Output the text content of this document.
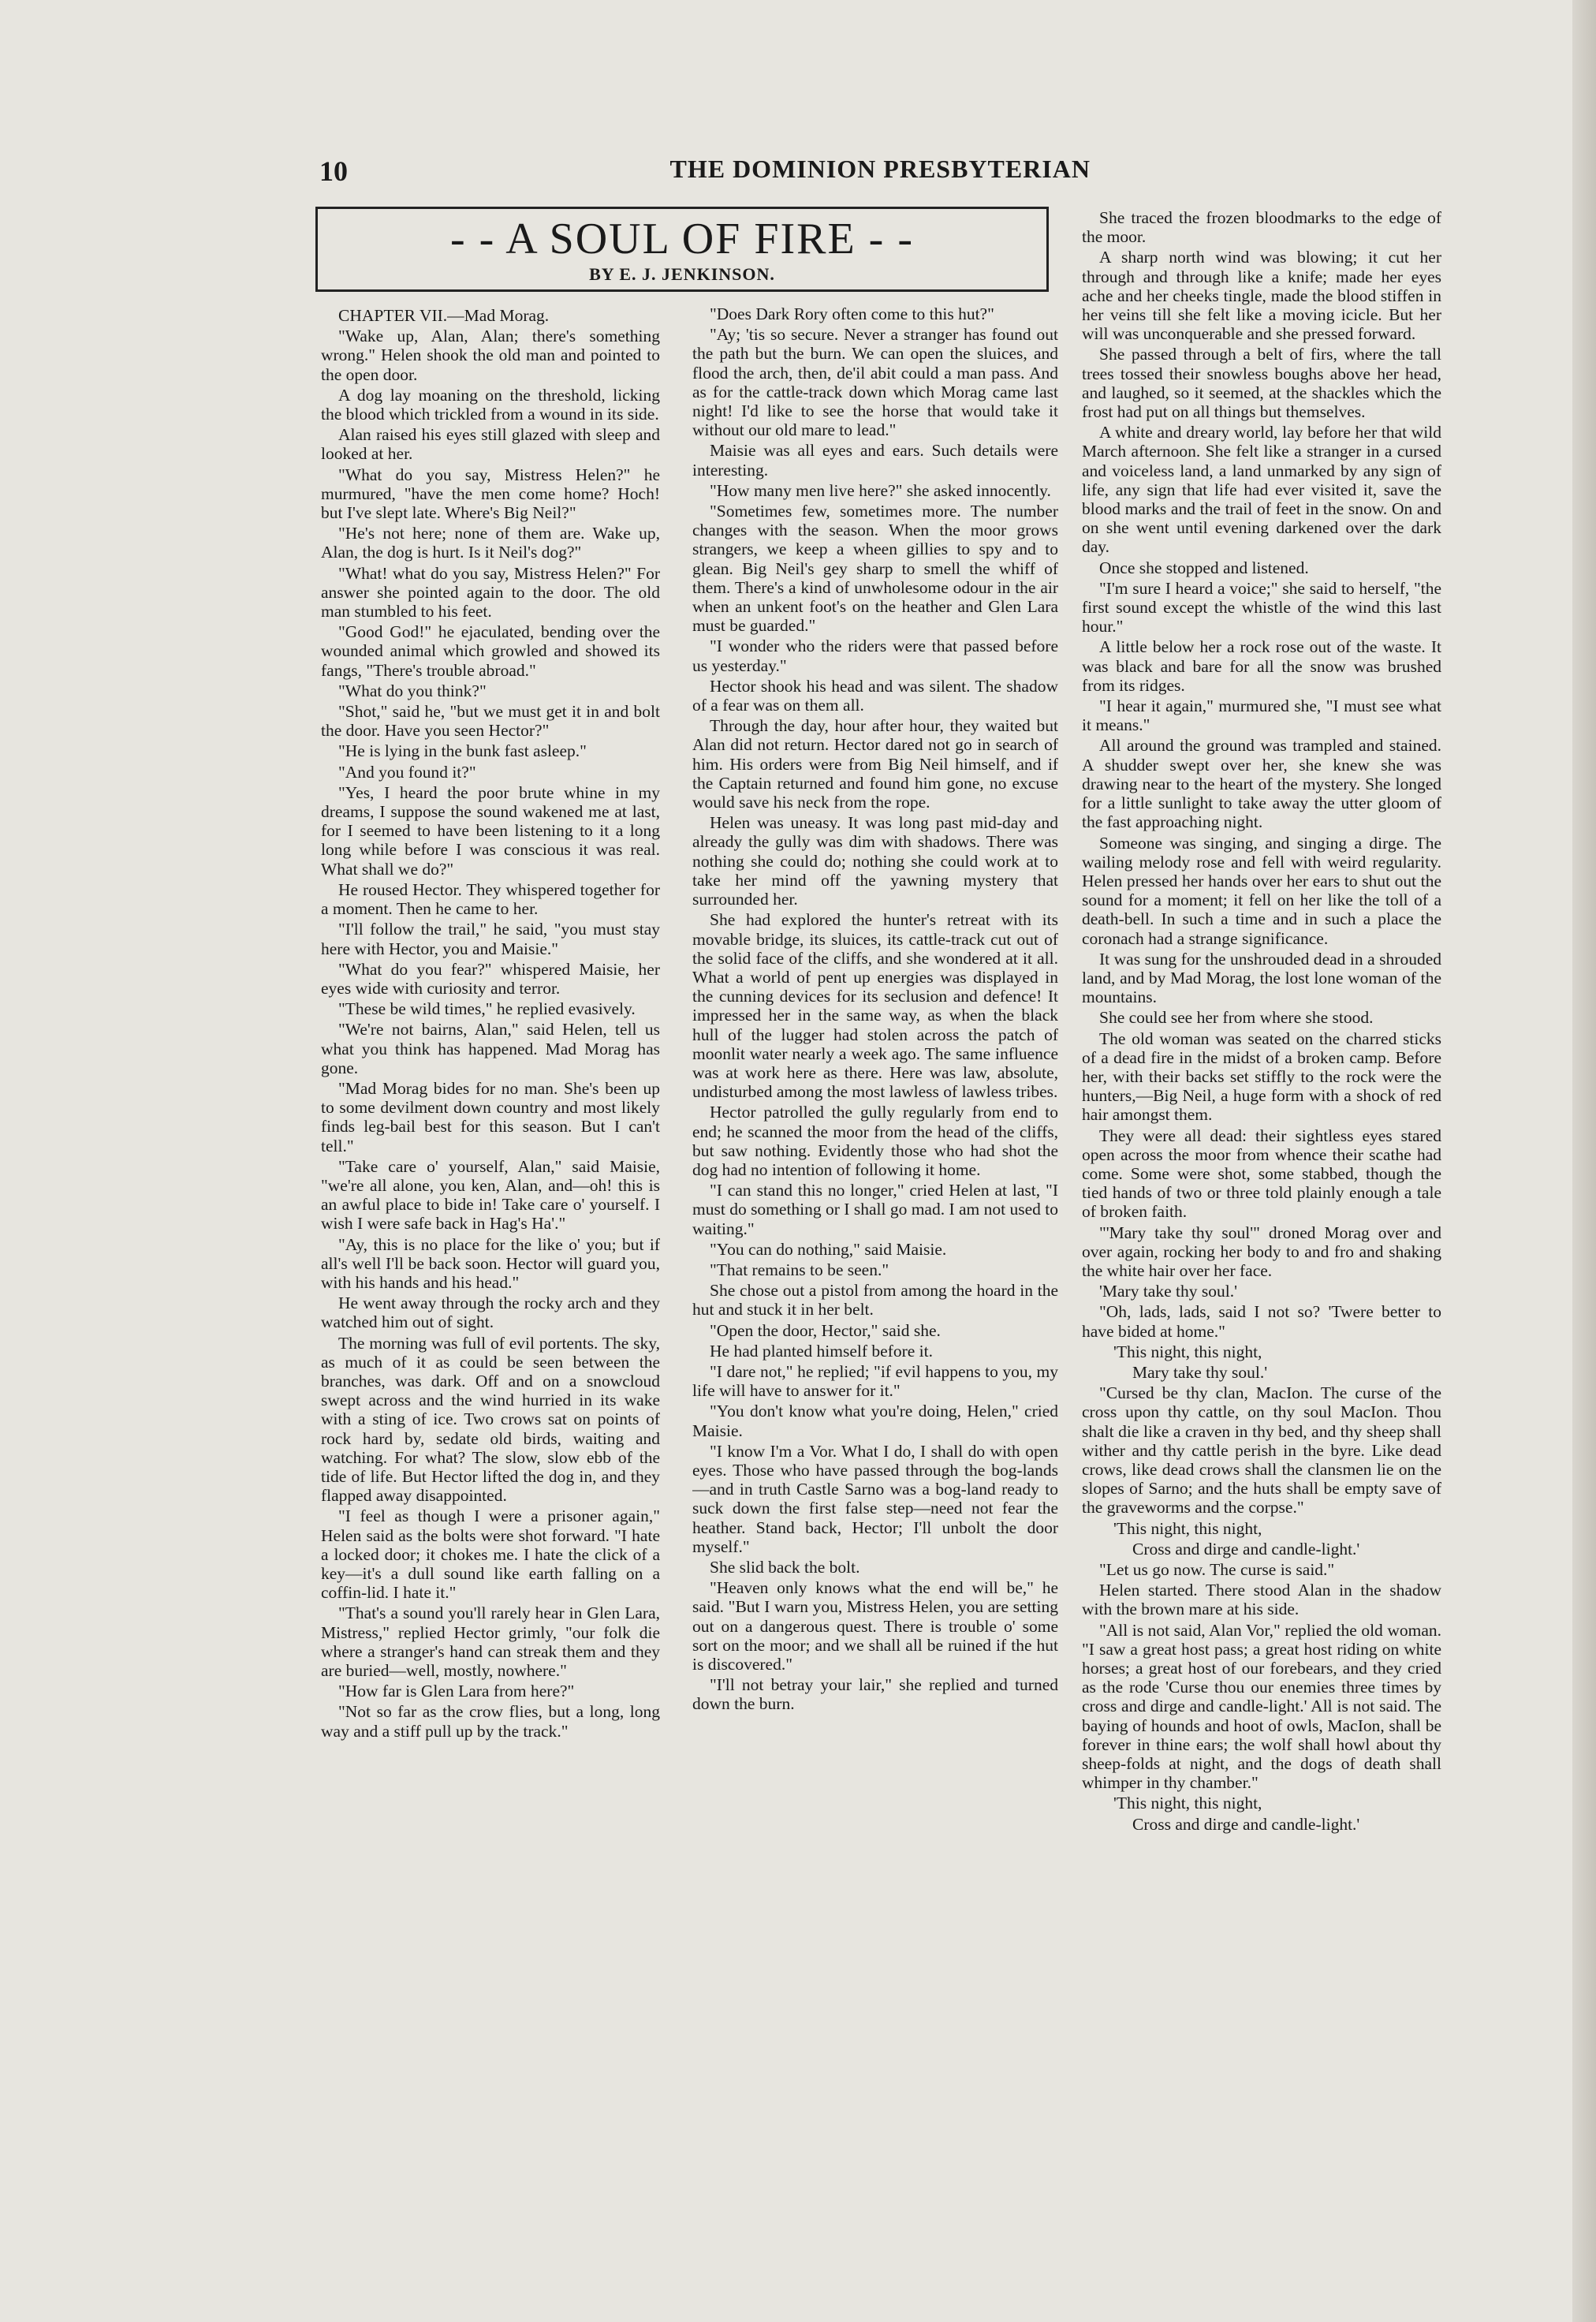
10	THE DOMINION PRESBYTERIAN
- - A SOUL OF FIRE - -
BY E. J. JENKINSON.

CHAPTER VII.—Mad Morag.

"Wake up, Alan, Alan; there's something wrong." Helen shook the old man and pointed to the open door.

A dog lay moaning on the threshold, licking the blood which trickled from a wound in its side.

Alan raised his eyes still glazed with sleep and looked at her.

"What do you say, Mistress Helen?" he murmured, "have the men come home? Hoch! but I've slept late. Where's Big Neil?"

"He's not here; none of them are. Wake up, Alan, the dog is hurt. Is it Neil's dog?"

"What! what do you say, Mistress Helen?" For answer she pointed again to the door. The old man stumbled to his feet.

"Good God!" he ejaculated, bending over the wounded animal which growled and showed its fangs, "There's trouble abroad."

"What do you think?"

"Shot," said he, "but we must get it in and bolt the door. Have you seen Hector?"

"He is lying in the bunk fast asleep."

"And you found it?"

"Yes, I heard the poor brute whine in my dreams, I suppose the sound wakened me at last, for I seemed to have been listening to it a long long while before I was conscious it was real. What shall we do?"

He roused Hector. They whispered together for a moment. Then he came to her.

"I'll follow the trail," he said, "you must stay here with Hector, you and Maisie."

"What do you fear?" whispered Maisie, her eyes wide with curiosity and terror.

"These be wild times," he replied evasively.

"We're not bairns, Alan," said Helen, tell us what you think has happened. Mad Morag has gone.

"Mad Morag bides for no man. She's been up to some devilment down country and most likely finds leg-bail best for this season. But I can't tell."

"Take care o' yourself, Alan," said Maisie, "we're all alone, you ken, Alan, and—oh! this is an awful place to bide in! Take care o' yourself. I wish I were safe back in Hag's Ha'."

"Ay, this is no place for the like o' you; but if all's well I'll be back soon. Hector will guard you, with his hands and his head."

He went away through the rocky arch and they watched him out of sight.

The morning was full of evil portents. The sky, as much of it as could be seen between the branches, was dark. Off and on a snowcloud swept across and the wind hurried in its wake with a sting of ice. Two crows sat on points of rock hard by, sedate old birds, waiting and watching. For what? The slow, slow ebb of the tide of life. But Hector lifted the dog in, and they flapped away disappointed.

"I feel as though I were a prisoner again," Helen said as the bolts were shot forward. "I hate a locked door; it chokes me. I hate the click of a key—it's a dull sound like earth falling on a coffin-lid. I hate it."

"That's a sound you'll rarely hear in Glen Lara, Mistress," replied Hector grimly, "our folk die where a stranger's hand can streak them and they are buried—well, mostly, nowhere."

"How far is Glen Lara from here?"

"Not so far as the crow flies, but a long, long way and a stiff pull up by the track."

"Does Dark Rory often come to this hut?"

"Ay; 'tis so secure. Never a stranger has found out the path but the burn. We can open the sluices, and flood the arch, then, de'il abit could a man pass. And as for the cattle-track down which Morag came last night! I'd like to see the horse that would take it without our old mare to lead."

Maisie was all eyes and ears. Such details were interesting.

"How many men live here?" she asked innocently.

"Sometimes few, sometimes more. The number changes with the season. When the moor grows strangers, we keep a wheen gillies to spy and to glean. Big Neil's gey sharp to smell the whiff of them. There's a kind of unwholesome odour in the air when an unkent foot's on the heather and Glen Lara must be guarded."

"I wonder who the riders were that passed before us yesterday."

Hector shook his head and was silent. The shadow of a fear was on them all.

Through the day, hour after hour, they waited but Alan did not return. Hector dared not go in search of him. His orders were from Big Neil himself, and if the Captain returned and found him gone, no excuse would save his neck from the rope.

Helen was uneasy. It was long past mid-day and already the gully was dim with shadows. There was nothing she could do; nothing she could work at to take her mind off the yawning mystery that surrounded her.

She had explored the hunter's retreat with its movable bridge, its sluices, its cattle-track cut out of the solid face of the cliffs, and she wondered at it all. What a world of pent up energies was displayed in the cunning devices for its seclusion and defence! It impressed her in the same way, as when the black hull of the lugger had stolen across the patch of moonlit water nearly a week ago. The same influence was at work here as there. Here was law, absolute, undisturbed among the most lawless of lawless tribes.

Hector patrolled the gully regularly from end to end; he scanned the moor from the head of the cliffs, but saw nothing. Evidently those who had shot the dog had no intention of following it home.

"I can stand this no longer," cried Helen at last, "I must do something or I shall go mad. I am not used to waiting."

"You can do nothing," said Maisie.

"That remains to be seen."

She chose out a pistol from among the hoard in the hut and stuck it in her belt.

"Open the door, Hector," said she.

He had planted himself before it.

"I dare not," he replied; "if evil happens to you, my life will have to answer for it."

"You don't know what you're doing, Helen," cried Maisie.

"I know I'm a Vor. What I do, I shall do with open eyes. Those who have passed through the bog-lands—and in truth Castle Sarno was a bog-land ready to suck down the first false step—need not fear the heather. Stand back, Hector; I'll unbolt the door myself."

She slid back the bolt.

"Heaven only knows what the end will be," he said. "But I warn you, Mistress Helen, you are setting out on a dangerous quest. There is trouble o' some sort on the moor; and we shall all be ruined if the hut is discovered."

"I'll not betray your lair," she replied and turned down the burn.

She traced the frozen bloodmarks to the edge of the moor.

A sharp north wind was blowing; it cut her through and through like a knife; made her eyes ache and her cheeks tingle, made the blood stiffen in her veins till she felt like a moving icicle. But her will was unconquerable and she pressed forward.

She passed through a belt of firs, where the tall trees tossed their snowless boughs above her head, and laughed, so it seemed, at the shackles which the frost had put on all things but themselves.

A white and dreary world, lay before her that wild March afternoon. She felt like a stranger in a cursed and voiceless land, a land unmarked by any sign of life, any sign that life had ever visited it, save the blood marks and the trail of feet in the snow. On and on she went until evening darkened over the dark day.

Once she stopped and listened.

"I'm sure I heard a voice;" she said to herself, "the first sound except the whistle of the wind this last hour."

A little below her a rock rose out of the waste. It was black and bare for all the snow was brushed from its ridges.

"I hear it again," murmured she, "I must see what it means."

All around the ground was trampled and stained. A shudder swept over her, she knew she was drawing near to the heart of the mystery. She longed for a little sunlight to take away the utter gloom of the fast approaching night.

Someone was singing, and singing a dirge. The wailing melody rose and fell with weird regularity. Helen pressed her hands over her ears to shut out the sound for a moment; it fell on her like the toll of a death-bell. In such a time and in such a place the coronach had a strange significance.

It was sung for the unshrouded dead in a shrouded land, and by Mad Morag, the lost lone woman of the mountains.

She could see her from where she stood.

The old woman was seated on the charred sticks of a dead fire in the midst of a broken camp. Before her, with their backs set stiffly to the rock were the hunters,—Big Neil, a huge form with a shock of red hair amongst them.

They were all dead: their sightless eyes stared open across the moor from whence their scathe had come. Some were shot, some stabbed, though the tied hands of two or three told plainly enough a tale of broken faith.

"'Mary take thy soul'" droned Morag over and over again, rocking her body to and fro and shaking the white hair over her face.

'Mary take thy soul.'

"Oh, lads, lads, said I not so? 'Twere better to have bided at home."

'This night, this night,

Mary take thy soul.'

"Cursed be thy clan, MacIon. The curse of the cross upon thy cattle, on thy soul MacIon. Thou shalt die like a craven in thy bed, and thy sheep shall wither and thy cattle perish in the byre. Like dead crows, like dead crows shall the clansmen lie on the slopes of Sarno; and the huts shall be empty save of the graveworms and the corpse."

'This night, this night,

Cross and dirge and candle-light.'

"Let us go now. The curse is said."

Helen started. There stood Alan in the shadow with the brown mare at his side.

"All is not said, Alan Vor," replied the old woman. "I saw a great host pass; a great host riding on white horses; a great host of our forebears, and they cried as the rode 'Curse thou our enemies three times by cross and dirge and candle-light.' All is not said. The baying of hounds and hoot of owls, MacIon, shall be forever in thine ears; the wolf shall howl about thy sheep-folds at night, and the dogs of death shall whimper in thy chamber."

'This night, this night,

Cross and dirge and candle-light.'
